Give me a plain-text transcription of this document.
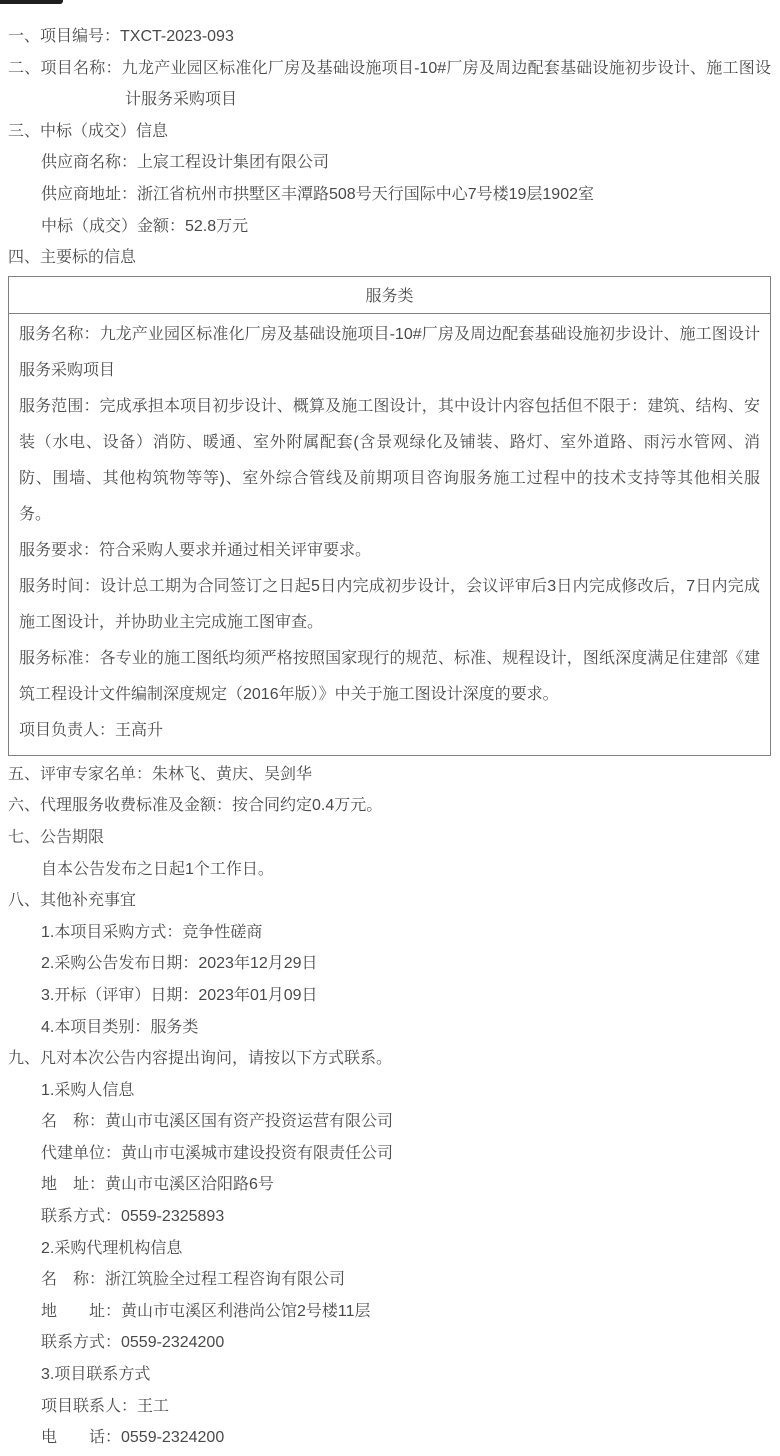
一、项目编号：TXCT-2023-093

二、项目名称：九龙产业园区标准化厂房及基础设施项目-10#厂房及周边配套基础设施初步设计、施工图设计服务采购项目

三、中标（成交）信息

供应商名称：上宸工程设计集团有限公司

供应商地址：浙江省杭州市拱墅区丰潭路508号天行国际中心7号楼19层1902室

中标（成交）金额：52.8万元

四、主要标的信息

服务类

服务名称：九龙产业园区标准化厂房及基础设施项目-10#厂房及周边配套基础设施初步设计、施工图设计服务采购项目

服务范围：完成承担本项目初步设计、概算及施工图设计，其中设计内容包括但不限于：建筑、结构、安装（水电、设备）消防、暖通、室外附属配套(含景观绿化及铺装、路灯、室外道路、雨污水管网、消防、围墙、其他构筑物等等)、室外综合管线及前期项目咨询服务施工过程中的技术支持等其他相关服务。

服务要求：符合采购人要求并通过相关评审要求。

服务时间：设计总工期为合同签订之日起5日内完成初步设计，会议评审后3日内完成修改后，7日内完成施工图设计，并协助业主完成施工图审查。

服务标准：各专业的施工图纸均须严格按照国家现行的规范、标准、规程设计，图纸深度满足住建部《建筑工程设计文件编制深度规定（2016年版）》中关于施工图设计深度的要求。

项目负责人：王高升

五、评审专家名单：朱林飞、黄庆、吴剑华

六、代理服务收费标准及金额：按合同约定0.4万元。

七、公告期限

自本公告发布之日起1个工作日。

八、其他补充事宜

1.本项目采购方式：竞争性磋商

2.采购公告发布日期：2023年12月29日

3.开标（评审）日期：2023年01月09日

4.本项目类别：服务类

九、凡对本次公告内容提出询问，请按以下方式联系。

1.采购人信息

名　称：黄山市屯溪区国有资产投资运营有限公司

代建单位：黄山市屯溪城市建设投资有限责任公司

地　址：黄山市屯溪区洽阳路6号

联系方式：0559-2325893

2.采购代理机构信息

名　称：浙江筑脸全过程工程咨询有限公司

地　　址：黄山市屯溪区利港尚公馆2号楼11层

联系方式：0559-2324200

3.项目联系方式

项目联系人：王工

电　　话：0559-2324200
